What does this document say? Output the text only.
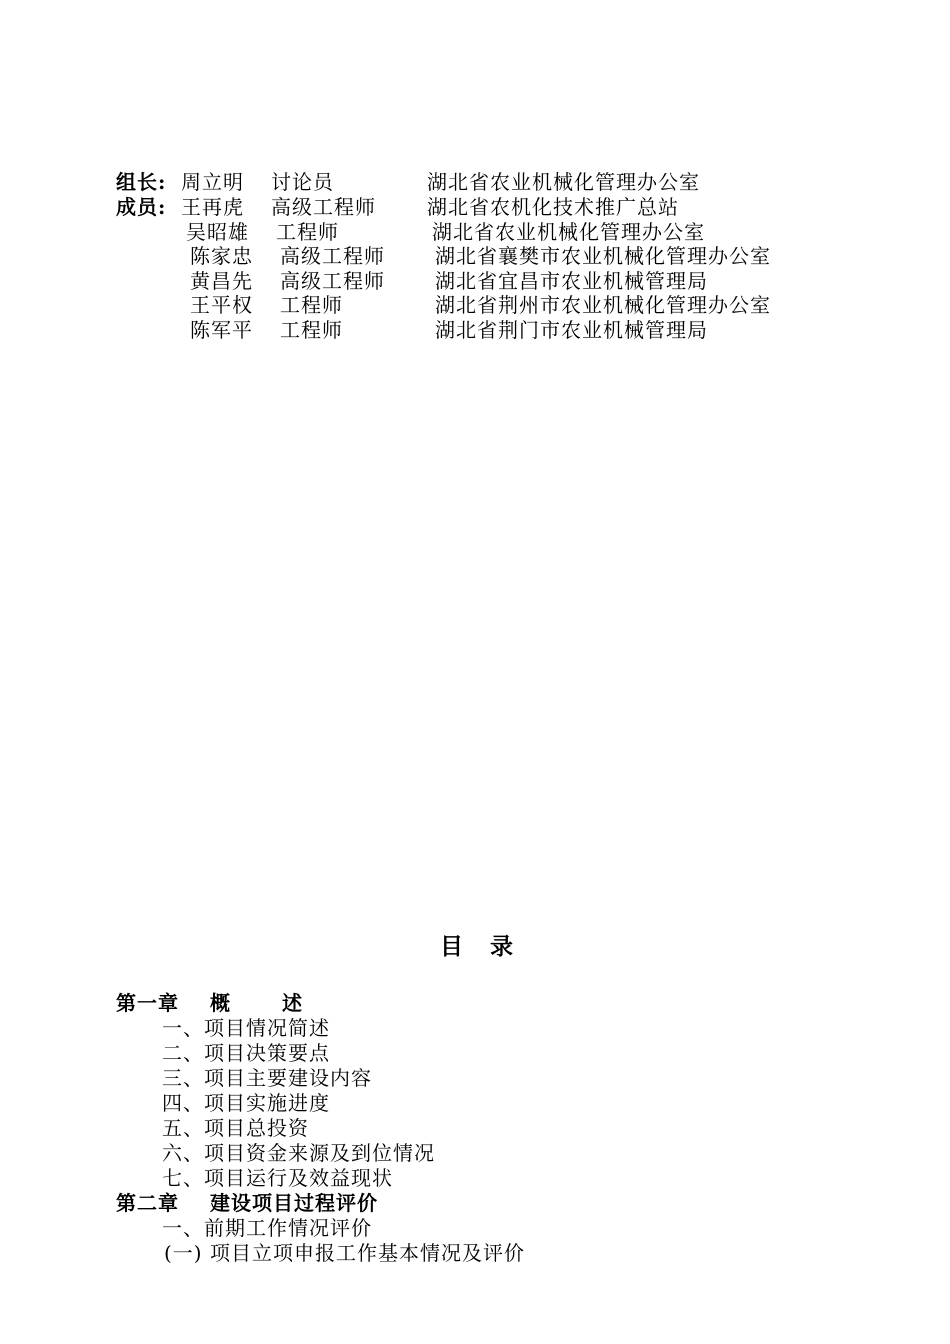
组长: 周立明 讨论员	湖北省农业机械化管理办公室
成员: 王再虎 高级工程师	湖北省农机化技术推广总站
吴昭雄 工程师	湖北省农业机械化管理办公室
陈家忠 高级工程师	湖北省襄樊市农业机械化管理办公室
黄昌先 高级工程师	湖北省宜昌市农业机械管理局
王平权 工程师	湖北省荆州市农业机械化管理办公室
陈军平 工程师	湖北省荆门市农业机械管理局
目 录
第一章 概	述
一、项目情况简述
二、项目决策要点
三、项目主要建设内容
四、项目实施进度
五、项目总投资
六、项目资金来源及到位情况
七、项目运行及效益现状
第二章 建设项目过程评价
一、前期工作情况评价
(一) 项目立项申报工作基本情况及评价
